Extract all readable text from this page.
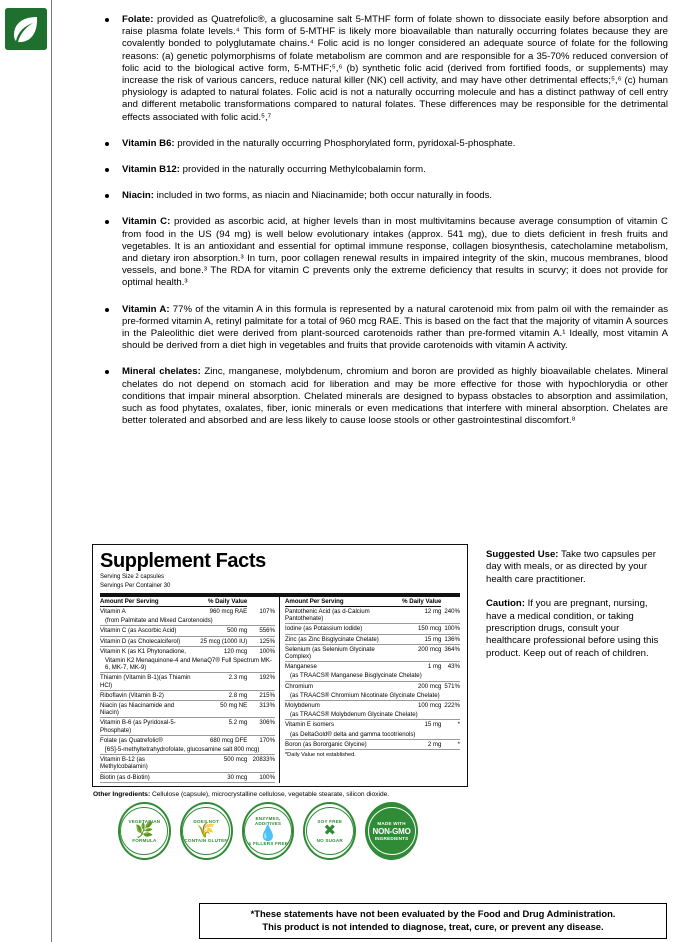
Folate: provided as Quatrefolic®, a glucosamine salt 5-MTHF form of folate shown to dissociate easily before absorption and raise plasma folate levels.⁴ This form of 5-MTHF is likely more bioavailable than naturally occurring folates because they are covalently bonded to polyglutamate chains.⁴ Folic acid is no longer considered an adequate source of folate for the following reasons: (a) genetic polymorphisms of folate metabolism are common and are responsible for a 35-70% reduced conversion of folic acid to the biological active form, 5-MTHF;⁵,⁶ (b) synthetic folic acid (derived from fortified foods, or supplements) may increase the risk of various cancers, reduce natural killer (NK) cell activity, and may have other detrimental effects;⁵,⁶ (c) human physiology is adapted to natural folates. Folic acid is not a naturally occurring molecule and has a distinct pathway of cell entry and different metabolic transformations compared to natural folates. These differences may be responsible for the detrimental effects associated with folic acid.⁵,⁷
Vitamin B6: provided in the naturally occurring Phosphorylated form, pyridoxal-5-phosphate.
Vitamin B12: provided in the naturally occurring Methylcobalamin form.
Niacin: included in two forms, as niacin and Niacinamide; both occur naturally in foods.
Vitamin C: provided as ascorbic acid, at higher levels than in most multivitamins because average consumption of vitamin C from food in the US (94 mg) is well below evolutionary intakes (approx. 541 mg), due to diets deficient in fresh fruits and vegetables. It is an antioxidant and essential for optimal immune response, collagen biosynthesis, catecholamine metabolism, and dietary iron absorption.³ In turn, poor collagen renewal results in impaired integrity of the skin, mucous membranes, blood vessels, and bone.³ The RDA for vitamin C prevents only the extreme deficiency that results in scurvy; it does not provide for optimal health.³
Vitamin A: 77% of the vitamin A in this formula is represented by a natural carotenoid mix from palm oil with the remainder as pre-formed vitamin A, retinyl palmitate for a total of 960 mcg RAE. This is based on the fact that the majority of vitamin A sources in the Paleolithic diet were derived from plant-sourced carotenoids rather than pre-formed vitamin A.¹ Ideally, most vitamin A should be derived from a diet high in vegetables and fruits that provide carotenoids with vitamin A activity.
Mineral chelates: Zinc, manganese, molybdenum, chromium and boron are provided as highly bioavailable chelates. Mineral chelates do not depend on stomach acid for liberation and may be more effective for those with hypochlorydia or other conditions that impair mineral absorption. Chelated minerals are designed to bypass obstacles to absorption and assimilation, such as food phytates, oxalates, fiber, ionic minerals or even medications that interfere with mineral absorption. Chelates are better tolerated and absorbed and are less likely to cause loose stools or other gastrointestinal discomfort.⁸
Supplement Facts
Serving Size 2 capsules
Servings Per Container 30
Amount Per Serving	% Daily Value	
Vitamin A	960 mcg RAE	107%

(from Palmitate and Mixed Carotenoids)		

Vitamin C (as Ascorbic Acid)	500 mg	556%
Vitamin D (as Cholecalciferol)	25 mcg (1000 IU)	125%
Vitamin K (as K1 Phytonadione,	120 mcg	100%

Vitamin K2 Menaquinone-4 and MenaQ7® Full Spectrum MK-6, MK-7, MK-9)		

Thiamin (Vitamin B-1)(as Thiamin HCl)	2.3 mg	192%
Riboflavin (Vitamin B-2)	2.8 mg	215%
Niacin (as Niacinamide and Niacin)	50 mg NE	313%
Vitamin B-6 (as Pyridoxal-5-Phosphate)	5.2 mg	306%
Folate (as Quatrefolic®	680 mcg DFE	170%

[6S]-5-methyltetrahydrofolate, glucosamine salt 800 mcg)		

Vitamin B-12 (as Methylcobalamin)	500 mcg	20833%
Biotin (as d-Biotin)	30 mcg	100%
Amount Per Serving	% Daily Value	
Pantothenic Acid (as d-Calcium Pantothenate)	12 mg	240%
Iodine (as Potassium Iodide)	150 mcg	100%
Zinc (as Zinc Bisglycinate Chelate)	15 mg	136%
Selenium (as Selenium Glycinate Complex)	200 mcg	364%
Manganese	1 mg	43%

(as TRAACS® Manganese Bisglycinate Chelate)		

Chromium	200 mcg	571%

(as TRAACS® Chromium Nicotinate Glycinate Chelate)		

Molybdenum	100 mcg	222%

(as TRAACS® Molybdenum Glycinate Chelate)		

Vitamin E isomers	15 mg	*

(as DeltaGold® delta and gamma tocotrienols)		

Boron (as Bororganic Glycine)	2 mg	*
*Daily Value not established.
Other Ingredients: Cellulose (capsule), microcrystalline cellulose, vegetable stearate, silicon dioxide.

Suggested Use: Take two capsules per day with meals, or as directed by your health care practitioner.

Caution: If you are pregnant, nursing, have a medical condition, or taking prescription drugs, consult your healthcare professional before using this product. Keep out of reach of children.

VEGETARIAN
🌿
FORMULA
DOES NOT
🌾
CONTAIN GLUTEN
ENZYMES, ADDITIVES
💧
& FILLERS FREE
SOY FREE
✖
NO SUGAR
MADE WITH
NON-GMO
INGREDIENTS
*These statements have not been evaluated by the Food and Drug Administration.
This product is not intended to diagnose, treat, cure, or prevent any disease.
